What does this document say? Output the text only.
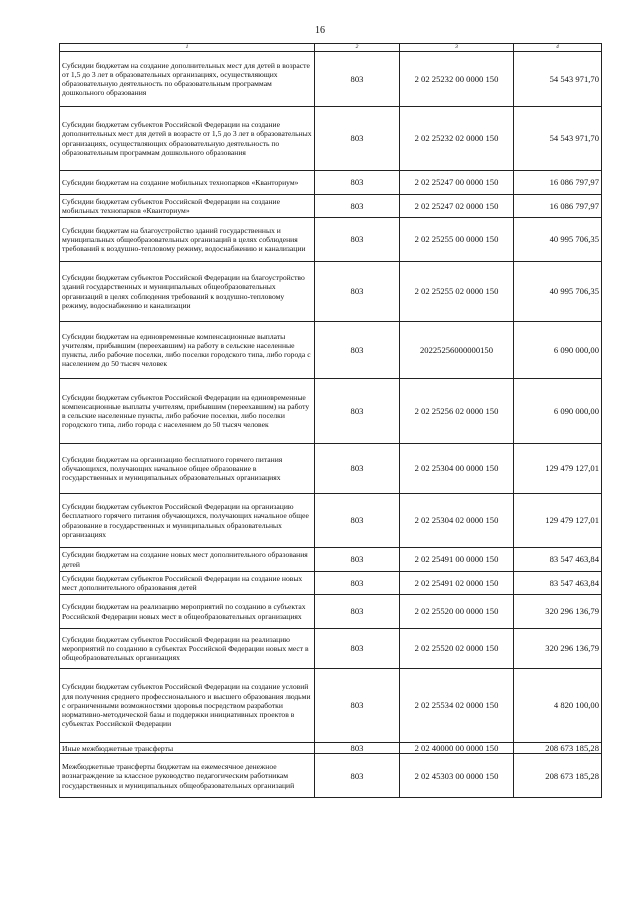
16
1	2	3	4
Субсидии бюджетам на создание дополнительных мест для детей в возрасте от 1,5 до 3 лет в образовательных организациях, осуществляющих образовательную деятельность по образовательным программам дошкольного образования	803	2 02 25232 00 0000 150	54 543 971,70
Субсидии бюджетам субъектов Российской Федерации на создание дополнительных мест для детей в возрасте от 1,5 до 3 лет в образовательных организациях, осуществляющих образовательную деятельность по образовательным программам дошкольного образования	803	2 02 25232 02 0000 150	54 543 971,70
Субсидии бюджетам на создание мобильных технопарков «Кванториум»	803	2 02 25247 00 0000 150	16 086 797,97
Субсидии бюджетам субъектов Российской Федерации на создание мобильных технопарков «Кванториум»	803	2 02 25247 02 0000 150	16 086 797,97
Субсидии бюджетам на благоустройство зданий государственных и муниципальных общеобразовательных организаций в целях соблюдения требований к воздушно-тепловому режиму, водоснабжению и канализации	803	2 02 25255 00 0000 150	40 995 706,35
Субсидии бюджетам субъектов Российской Федерации на благоустройство зданий государственных и муниципальных общеобразовательных организаций в целях соблюдения требований к воздушно-тепловому режиму, водоснабжению и канализации	803	2 02 25255 02 0000 150	40 995 706,35
Субсидии бюджетам на единовременные компенсационные выплаты учителям, прибывшим (переехавшим) на работу в сельские населенные пункты, либо рабочие поселки, либо поселки городского типа, либо города с населением до 50 тысяч человек	803	20225256000000150	6 090 000,00
Субсидии бюджетам субъектов Российской Федерации на единовременные компенсационные выплаты учителям, прибывшим (переехавшим) на работу в сельские населенные пункты, либо рабочие поселки, либо поселки городского типа, либо города с населением до 50 тысяч человек	803	2 02 25256 02 0000 150	6 090 000,00
Субсидии бюджетам на организацию бесплатного горячего питания обучающихся, получающих начальное общее образование в государственных и муниципальных образовательных организациях	803	2 02 25304 00 0000 150	129 479 127,01
Субсидии бюджетам субъектов Российской Федерации на организацию бесплатного горячего питания обучающихся, получающих начальное общее образование в государственных и муниципальных образовательных организациях	803	2 02 25304 02 0000 150	129 479 127,01
Субсидии бюджетам на создание новых мест дополнительного образования детей	803	2 02 25491 00 0000 150	83 547 463,84
Субсидии бюджетам субъектов Российской Федерации на создание новых мест дополнительного образования детей	803	2 02 25491 02 0000 150	83 547 463,84
Субсидии бюджетам на реализацию мероприятий по созданию в субъектах Российской Федерации новых мест в общеобразовательных организациях	803	2 02 25520 00 0000 150	320 296 136,79
Субсидии бюджетам субъектов Российской Федерации на реализацию мероприятий по созданию в субъектах Российской Федерации новых мест в общеобразовательных организациях	803	2 02 25520 02 0000 150	320 296 136,79
Субсидии бюджетам субъектов Российской Федерации на создание условий для получения среднего профессионального и высшего образования людьми с ограниченными возможностями здоровья посредством разработки нормативно-методической базы и поддержки инициативных проектов в субъектах Российской Федерации	803	2 02 25534 02 0000 150	4 820 100,00
Иные межбюджетные трансферты	803	2 02 40000 00 0000 150	208 673 185,28
Межбюджетные трансферты бюджетам на ежемесячное денежное вознаграждение за классное руководство педагогическим работникам государственных и муниципальных общеобразовательных организаций	803	2 02 45303 00 0000 150	208 673 185,28
